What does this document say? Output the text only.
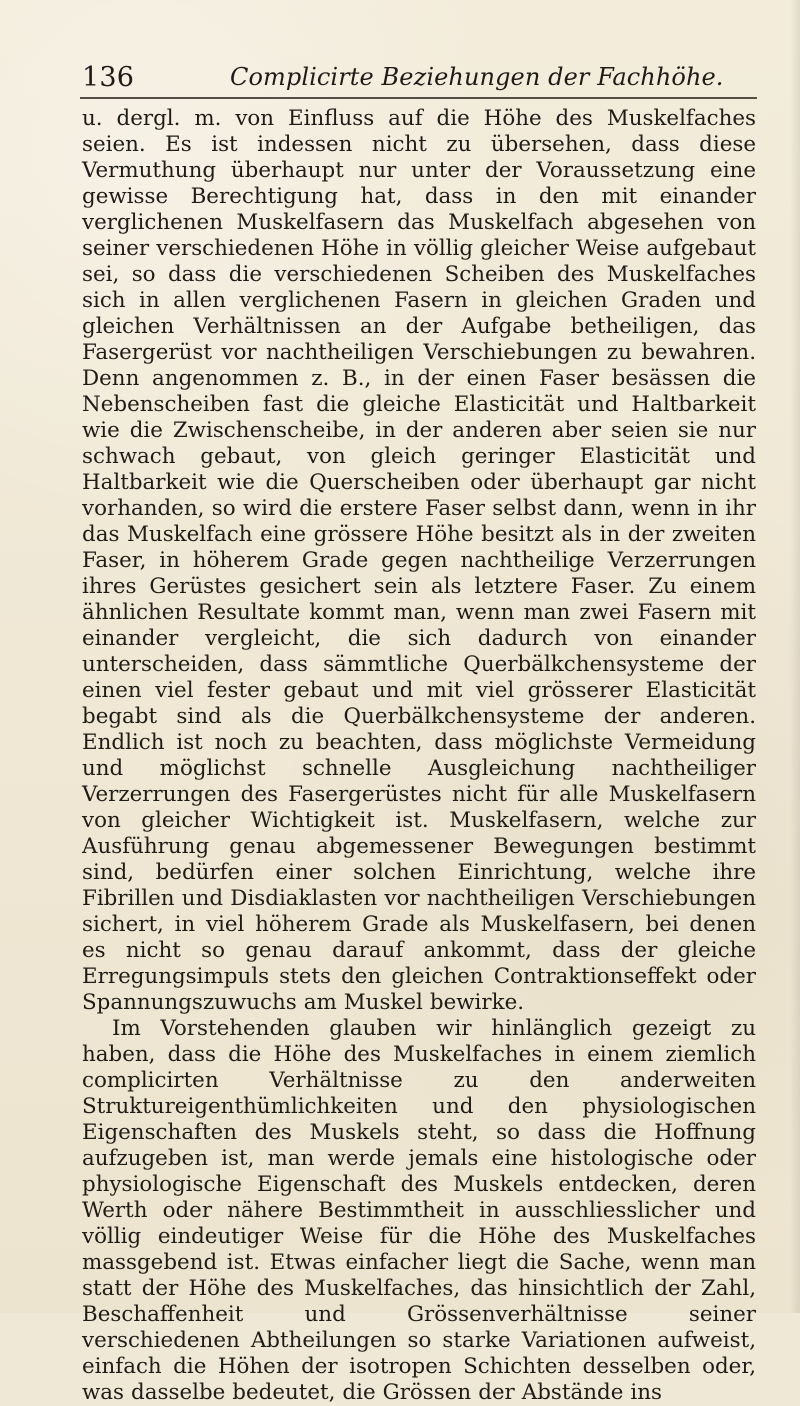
136	Complicirte Beziehungen der Fachhöhe.

u. dergl. m. von Einfluss auf die Höhe des Muskelfaches seien. Es ist indessen nicht zu übersehen, dass diese Vermuthung überhaupt nur unter der Voraussetzung eine gewisse Berechtigung hat, dass in den mit einander verglichenen Muskelfasern das Muskelfach abgesehen von seiner verschiedenen Höhe in völlig gleicher Weise aufgebaut sei, so dass die verschiedenen Scheiben des Muskelfaches sich in allen verglichenen Fasern in gleichen Graden und gleichen Verhältnissen an der Aufgabe betheiligen, das Fasergerüst vor nachtheiligen Verschiebungen zu bewahren. Denn angenommen z. B., in der einen Faser besässen die Nebenscheiben fast die gleiche Elasticität und Haltbarkeit wie die Zwischenscheibe, in der anderen aber seien sie nur schwach gebaut, von gleich geringer Elasticität und Haltbarkeit wie die Querscheiben oder überhaupt gar nicht vorhanden, so wird die erstere Faser selbst dann, wenn in ihr das Muskelfach eine grössere Höhe besitzt als in der zweiten Faser, in höherem Grade gegen nachtheilige Verzerrungen ihres Gerüstes gesichert sein als letztere Faser. Zu einem ähnlichen Resultate kommt man, wenn man zwei Fasern mit einander vergleicht, die sich dadurch von einander unterscheiden, dass sämmtliche Querbälkchensysteme der einen viel fester gebaut und mit viel grösserer Elasticität begabt sind als die Querbälkchensysteme der anderen. Endlich ist noch zu beachten, dass möglichste Vermeidung und möglichst schnelle Ausgleichung nachtheiliger Verzerrungen des Fasergerüstes nicht für alle Muskelfasern von gleicher Wichtigkeit ist. Muskelfasern, welche zur Ausführung genau abgemessener Bewegungen bestimmt sind, bedürfen einer solchen Einrichtung, welche ihre Fibrillen und Disdiaklasten vor nachtheiligen Verschiebungen sichert, in viel höherem Grade als Muskelfasern, bei denen es nicht so genau darauf ankommt, dass der gleiche Erregungsimpuls stets den gleichen Contraktionseffekt oder Spannungszuwuchs am Muskel bewirke.

Im Vorstehenden glauben wir hinlänglich gezeigt zu haben, dass die Höhe des Muskelfaches in einem ziemlich complicirten Verhältnisse zu den anderweiten Strukturеigenthümlichkeiten und den physiologischen Eigenschaften des Muskels steht, so dass die Hoffnung aufzugeben ist, man werde jemals eine histologische oder physiologische Eigenschaft des Muskels entdecken, deren Werth oder nähere Bestimmtheit in ausschliesslicher und völlig eindeutiger Weise für die Höhe des Muskelfaches massgebend ist. Etwas einfacher liegt die Sache, wenn man statt der Höhe des Muskelfaches, das hinsichtlich der Zahl, Beschaffenheit und Grössenverhältnisse seiner verschiedenen Abtheilungen so starke Variationen aufweist, einfach die Höhen der isotropen Schichten desselben oder, was dasselbe bedeutet, die Grössen der Abstände ins
